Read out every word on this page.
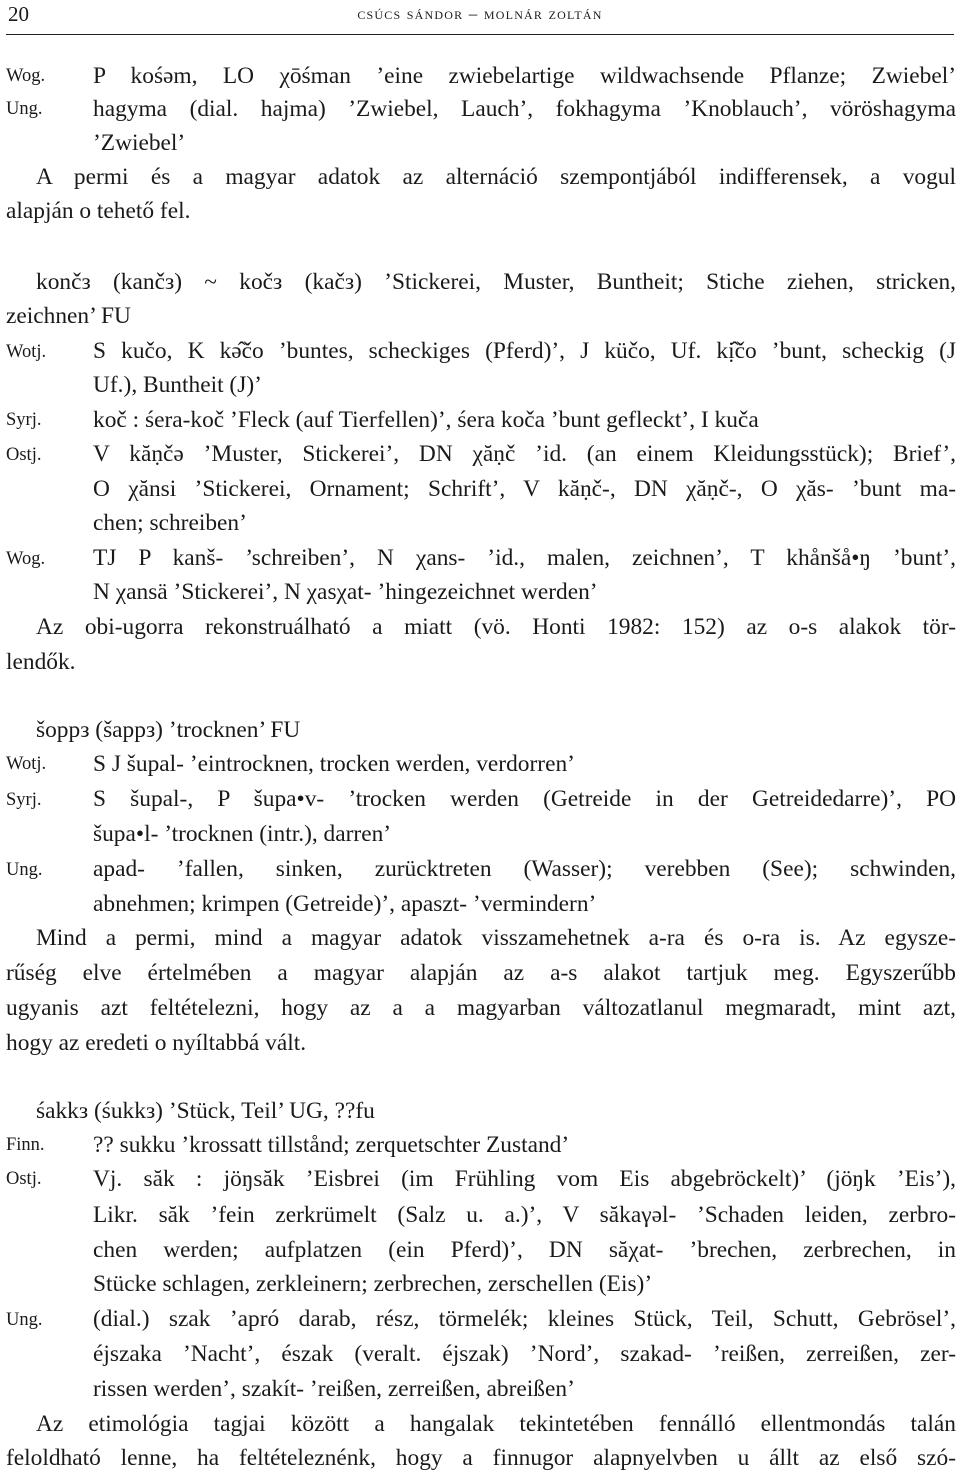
20	csúcs sándor – molnár zoltán
Wog.
Ung.
Wotj.
Syrj.
Ostj.
Wog.
Wotj.
Syrj.
Ung.
Finn.
Ostj.
Ung.
P kośəm, LO χōśman ’eine zwiebelartige wildwachsende Pflanze; Zwiebel’
hagyma (dial. hajma) ’Zwiebel, Lauch’, fokhagyma ’Knoblauch’, vöröshagyma
’Zwiebel’
A permi és a magyar adatok az alternáció szempontjából indifferensek, a vogul
alapján o tehető fel.
končз (kančз) ~ kočз (kačз) ’Stickerei, Muster, Buntheit; Stiche ziehen, stricken,
zeichnen’ FU
S kučo, K kə̂čo ’buntes, scheckiges (Pferd)’, J küčo, Uf. kị̂čo ’bunt, scheckig (J
Uf.), Buntheit (J)’
koč : śera-koč ’Fleck (auf Tierfellen)’, śera koča ’bunt gefleckt’, I kuča
V kăṇčə ’Muster, Stickerei’, DN χăṇč ’id. (an einem Kleidungsstück); Brief’,
O χănsi ’Stickerei, Ornament; Schrift’, V kăṇč-, DN χăṇč-, O χăs- ’bunt ma-
chen; schreiben’
TJ P kanš- ’schreiben’, N χans- ’id., malen, zeichnen’, T khånšå•ŋ ’bunt’,
N χansä ’Stickerei’, N χasχat- ’hingezeichnet werden’
Az obi-ugorra rekonstruálható a miatt (vö. Honti 1982: 152) az o-s alakok tör-
lendők.
šoppз (šappз) ’trocknen’ FU
S J šupal- ’eintrocknen, trocken werden, verdorren’
S šupal-, P šupa•v- ’trocken werden (Getreide in der Getreidedarre)’, PO
šupa•l- ’trocknen (intr.), darren’
apad- ’fallen, sinken, zurücktreten (Wasser); verebben (See); schwinden,
abnehmen; krimpen (Getreide)’, apaszt- ’vermindern’
Mind a permi, mind a magyar adatok visszamehetnek a-ra és o-ra is. Az egysze-
rűség elve értelmében a magyar alapján az a-s alakot tartjuk meg. Egyszerűbb
ugyanis azt feltételezni, hogy az a a magyarban változatlanul megmaradt, mint azt,
hogy az eredeti o nyíltabbá vált.
śakkз (śukkз) ’Stück, Teil’ UG, ??fu
?? sukku ’krossatt tillstånd; zerquetschter Zustand’
Vj. săk : jöŋsăk ’Eisbrei (im Frühling vom Eis abgebröckelt)’ (jöŋk ’Eis’),
Likr. săk ’fein zerkrümelt (Salz u. a.)’, V săkaγəl- ’Schaden leiden, zerbro-
chen werden; aufplatzen (ein Pferd)’, DN săχat- ’brechen, zerbrechen, in
Stücke schlagen, zerkleinern; zerbrechen, zerschellen (Eis)’
(dial.) szak ’apró darab, rész, törmelék; kleines Stück, Teil, Schutt, Gebrösel’,
éjszaka ’Nacht’, észak (veralt. éjszak) ’Nord’, szakad- ’reißen, zerreißen, zer-
rissen werden’, szakít- ’reißen, zerreißen, abreißen’
Az etimológia tagjai között a hangalak tekintetében fennálló ellentmondás talán
feloldható lenne, ha feltételeznénk, hogy a finnugor alapnyelvben u állt az első szó-
